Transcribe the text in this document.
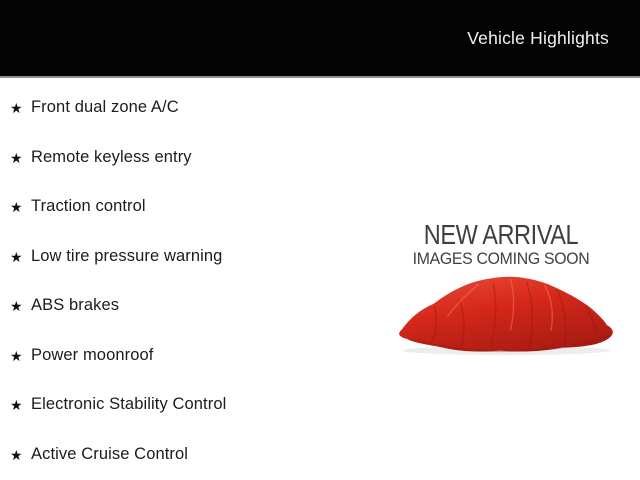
Vehicle Highlights
★ Front dual zone A/C
★ Remote keyless entry
★ Traction control
★ Low tire pressure warning
★ ABS brakes
★ Power moonroof
★ Electronic Stability Control
★ Active Cruise Control
NEW ARRIVAL
IMAGES COMING SOON
